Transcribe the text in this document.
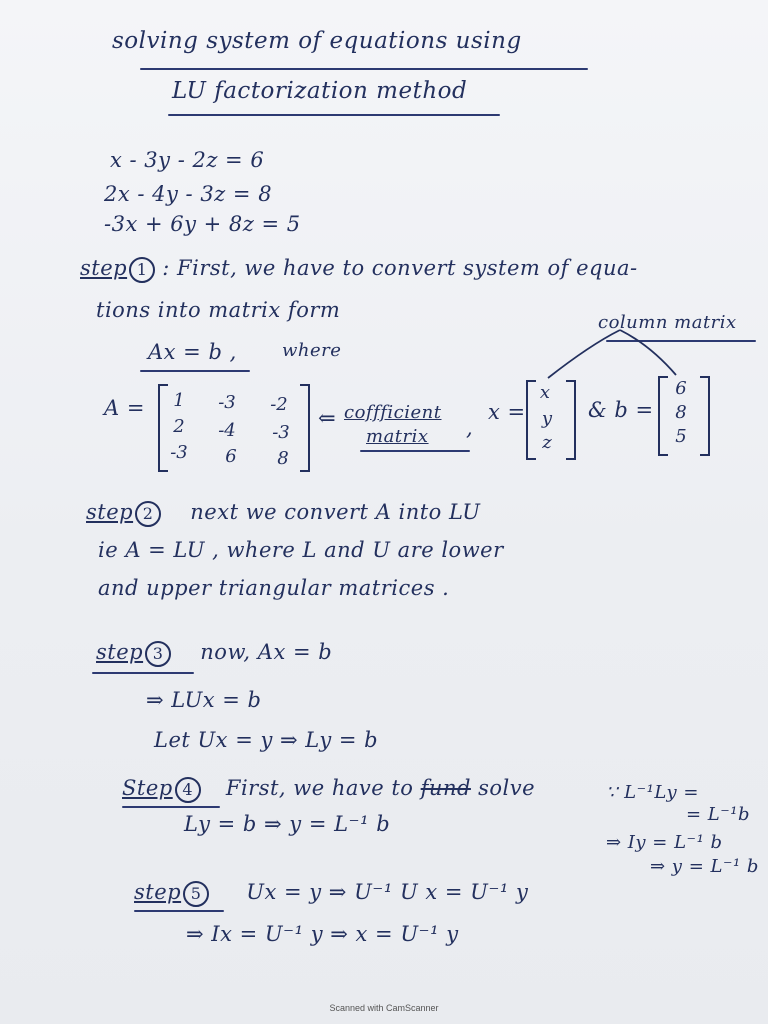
solving system of equations using
LU factorization method
x - 3y - 2z = 6
2x - 4y - 3z = 8
-3x + 6y + 8z = 5
step 1 : First, we have to convert system of equa-
tions into matrix form
column matrix
Ax = b ,	where
A =	1	-3	-2
2	-4	-3
-3	6	8
⇐ coffficient
matrix ,
x =
x
y
z
& b =
6
8
5
step 2 next we convert A into LU
ie A = LU , where L and U are lower
and upper triangular matrices .
step 3 now, Ax = b
⇒ LUx = b
Let Ux = y ⇒ Ly = b
Step 4 First, we have to fund solve
Ly = b ⇒ y = L⁻¹ b
∵ L⁻¹Ly =
= L⁻¹b
⇒ Iy = L⁻¹ b
⇒ y = L⁻¹ b
step 5 Ux = y ⇒ U⁻¹ U x = U⁻¹ y
⇒ Ix = U⁻¹ y ⇒ x = U⁻¹ y
Scanned with CamScanner
